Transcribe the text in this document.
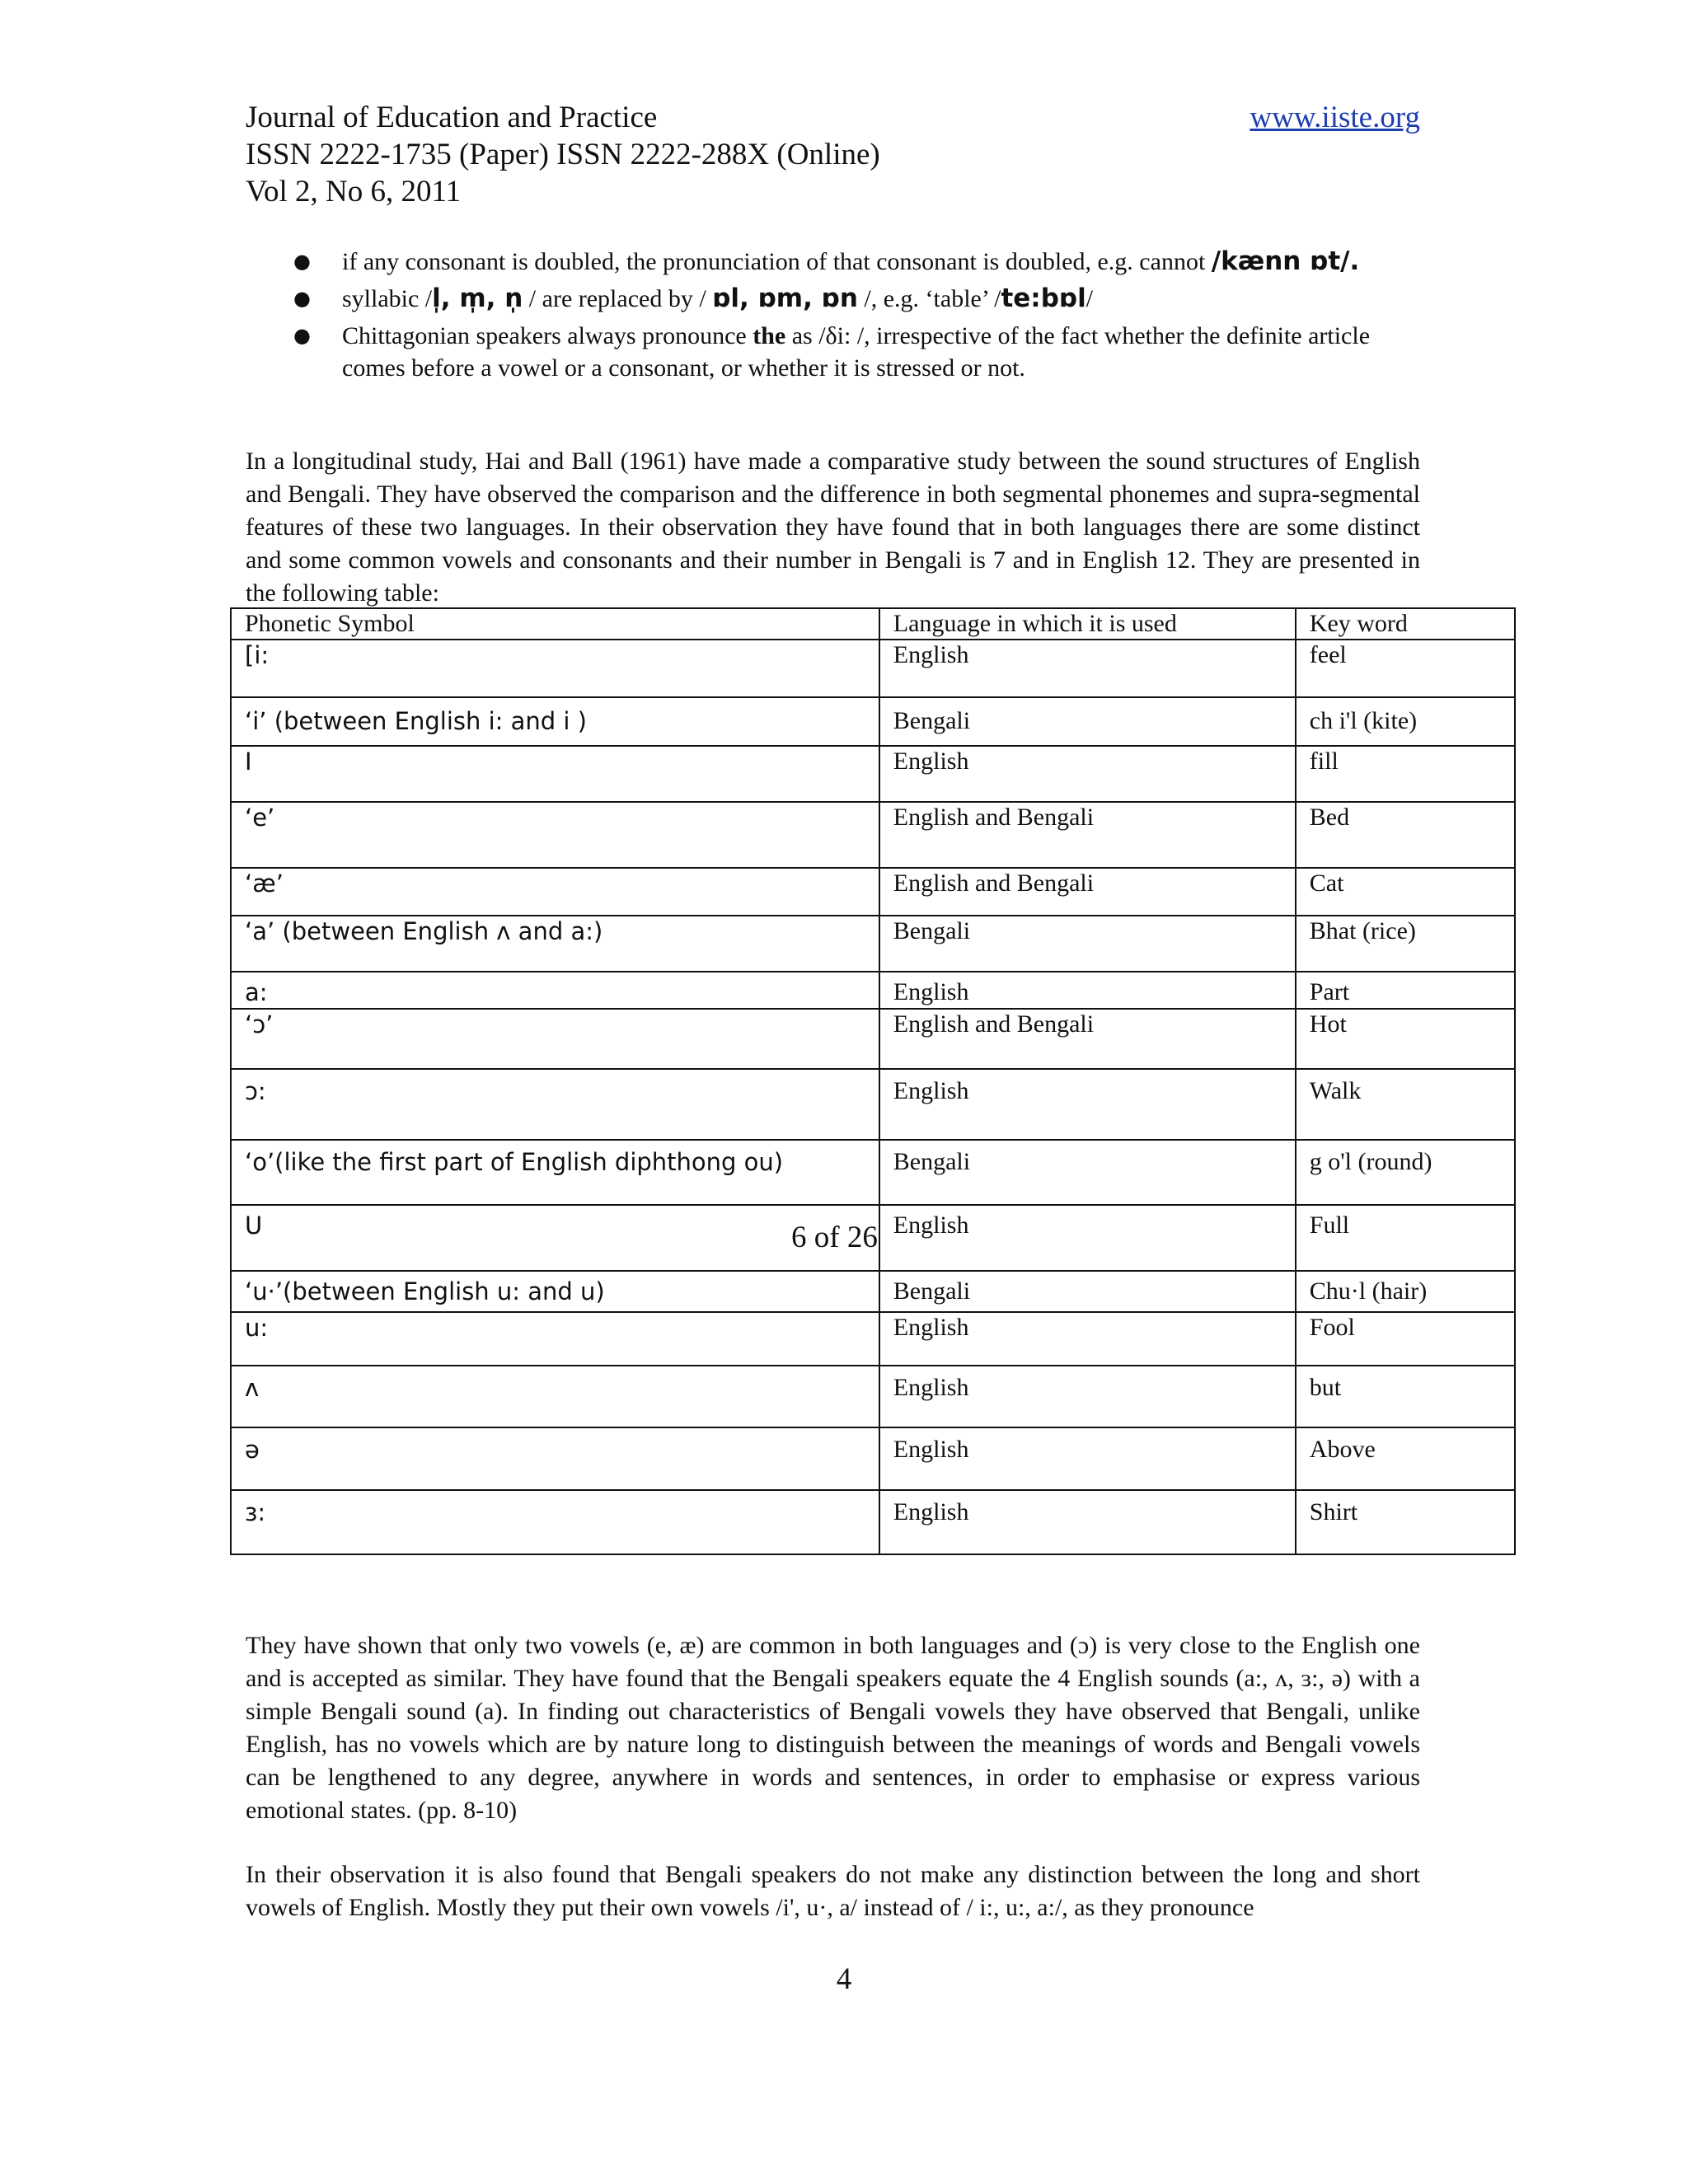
Journal of Education and Practice
ISSN 2222-1735 (Paper) ISSN 2222-288X (Online)
Vol 2, No 6, 2011
www.iiste.org
● if any consonant is doubled, the pronunciation of that consonant is doubled, e.g. cannot /kænn ɒt/.
● syllabic /l̩, m̩, n̩ / are replaced by / ɒl, ɒm, ɒn /, e.g. ‘table’ /te:bɒl/
● Chittagonian speakers always pronounce the as /δi: /, irrespective of the fact whether the definite article comes before a vowel or a consonant, or whether it is stressed or not.

In a longitudinal study, Hai and Ball (1961) have made a comparative study between the sound structures of English and Bengali. They have observed the comparison and the difference in both segmental phonemes and supra-segmental features of these two languages. In their observation they have found that in both languages there are some distinct and some common vowels and consonants and their number in Bengali is 7 and in English 12. They are presented in the following table:

Phonetic Symbol	Language in which it is used	Key word
[i:	English	feel
‘i’ (between English i: and i )	Bengali	ch i'l (kite)
I	English	fill
‘e’	English and Bengali	Bed
‘æ’	English and Bengali	Cat
‘a’ (between English ʌ and a:)	Bengali	Bhat (rice)
a:	English	Part
‘ɔ’	English and Bengali	Hot
ɔ:	English	Walk
‘o’(like the first part of English diphthong ou)	Bengali	g o'l (round)
U	English	Full
‘u·’(between English u: and u)	Bengali	Chu·l (hair)
u:	English	Fool
ʌ	English	but
ə	English	Above
ɜ:	English	Shirt
6 of 26

They have shown that only two vowels (e, æ) are common in both languages and (ɔ) is very close to the English one and is accepted as similar. They have found that the Bengali speakers equate the 4 English sounds (a:, ʌ, ɜ:, ə) with a simple Bengali sound (a). In finding out characteristics of Bengali vowels they have observed that Bengali, unlike English, has no vowels which are by nature long to distinguish between the meanings of words and Bengali vowels can be lengthened to any degree, anywhere in words and sentences, in order to emphasise or express various emotional states. (pp. 8-10)

In their observation it is also found that Bengali speakers do not make any distinction between the long and short vowels of English. Mostly they put their own vowels /i', u·, a/ instead of / i:, u:, a:/, as they pronounce

4
